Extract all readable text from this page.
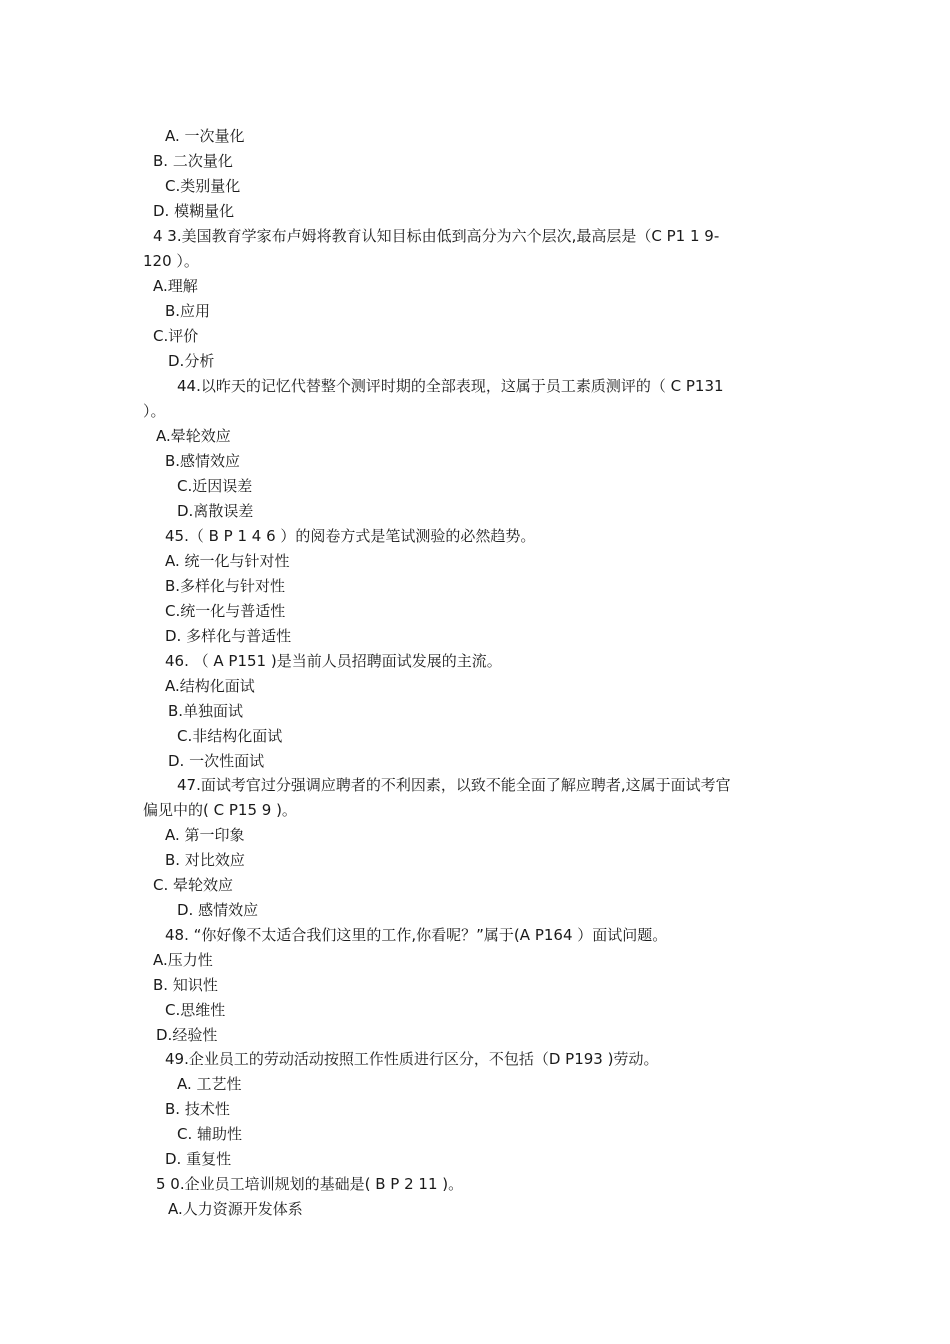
A. 一次量化
B. 二次量化
C.类别量化
D. 模糊量化
4 3.美国教育学家布卢姆将教育认知目标由低到高分为六个层次,最高层是（C P1 1 9-
120 ）。
A.理解
B.应用
C.评价
D.分析
44.以昨天的记忆代替整个测评时期的全部表现，这属于员工素质测评的（ C P131
）。
A.晕轮效应
B.感情效应
C.近因误差
D.离散误差
45.（ B P 1 4 6 ）的阅卷方式是笔试测验的必然趋势。
A. 统一化与针对性
B.多样化与针对性
C.统一化与普适性
D. 多样化与普适性
46. （ A P151 )是当前人员招聘面试发展的主流。
A.结构化面试
B.单独面试
C.非结构化面试
D. 一次性面试
47.面试考官过分强调应聘者的不利因素，以致不能全面了解应聘者,这属于面试考官
偏见中的( C P15 9 )。
A. 第一印象
B. 对比效应
C. 晕轮效应
D. 感情效应
48. “你好像不太适合我们这里的工作,你看呢？”属于(A P164 ）面试问题。
A.压力性
B. 知识性
C.思维性
D.经验性
49.企业员工的劳动活动按照工作性质进行区分，不包括（D P193 )劳动。
A. 工艺性
B. 技术性
C. 辅助性
D. 重复性
5 0.企业员工培训规划的基础是( B P 2 11 )。
A.人力资源开发体系
